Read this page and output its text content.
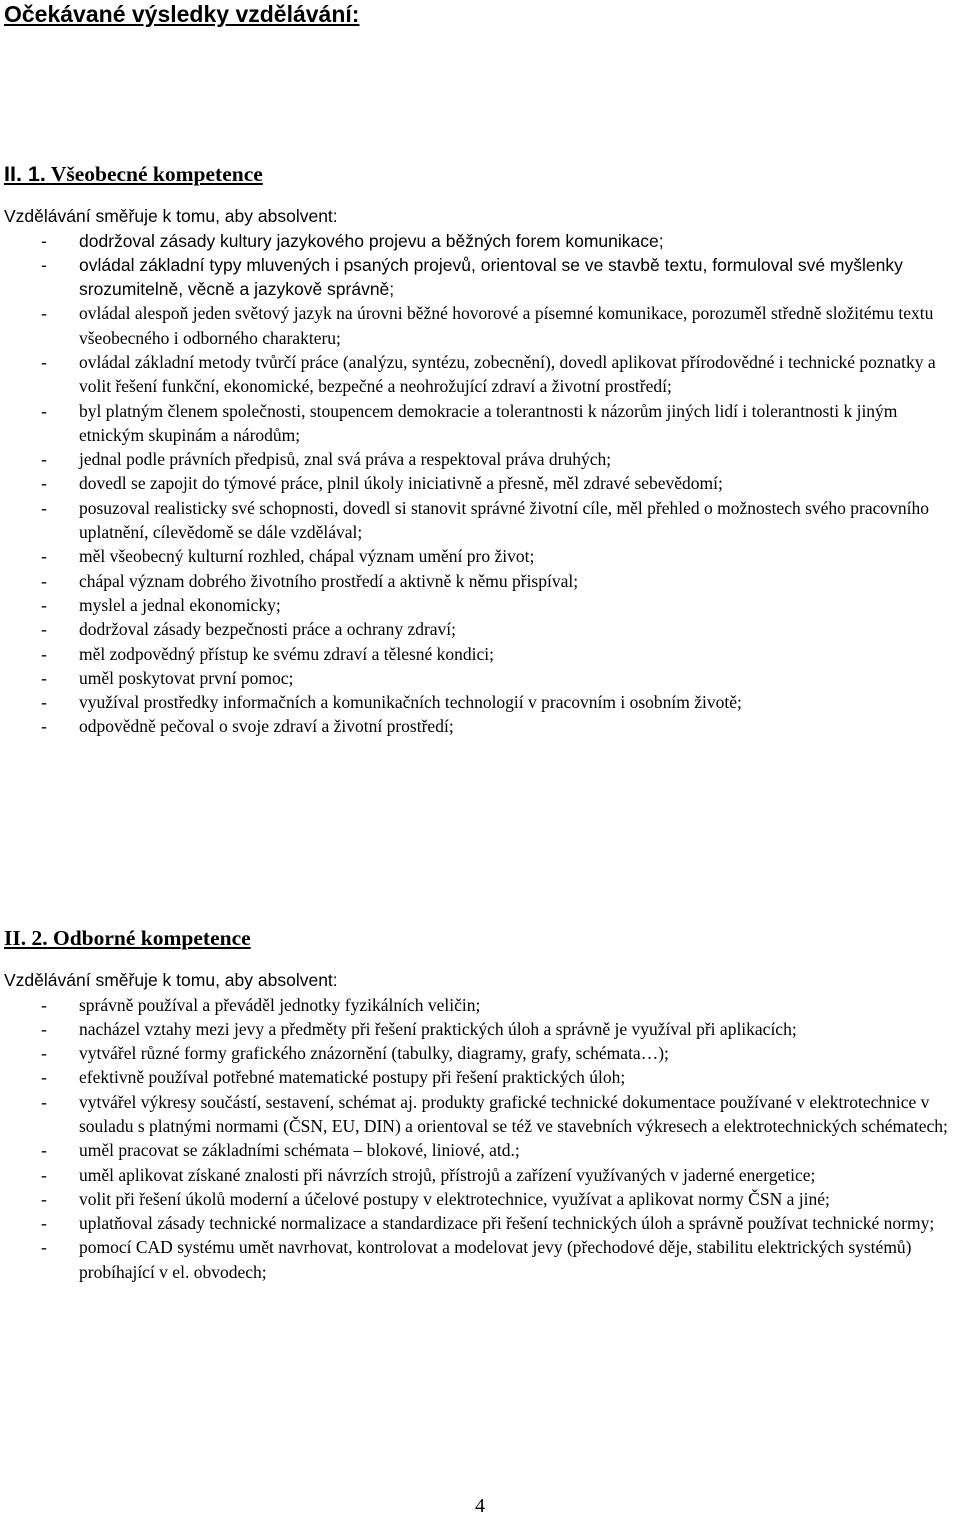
Očekávané výsledky vzdělávání:
II. 1. Všeobecné kompetence
Vzdělávání směřuje k tomu, aby absolvent:
- dodržoval zásady kultury jazykového projevu a běžných forem komunikace;
- ovládal základní typy mluvených i psaných projevů, orientoval se ve stavbě textu, formuloval své myšlenky srozumitelně, věcně a jazykově správně;
- ovládal alespoň jeden světový jazyk na úrovni běžné hovorové a písemné komunikace, porozuměl středně složitému textu všeobecného i odborného charakteru;
- ovládal základní metody tvůrčí práce (analýzu, syntézu, zobecnění), dovedl aplikovat přírodovědné i technické poznatky a volit řešení funkční, ekonomické, bezpečné a neohrožující zdraví a životní prostředí;
- byl platným členem společnosti, stoupencem demokracie a tolerantnosti k názorům jiných lidí i tolerantnosti k jiným etnickým skupinám a národům;
- jednal podle právních předpisů, znal svá práva a respektoval práva druhých;
- dovedl se zapojit do týmové práce, plnil úkoly iniciativně a přesně, měl zdravé sebevědomí;
- posuzoval realisticky své schopnosti, dovedl si stanovit správné životní cíle, měl přehled o možnostech svého pracovního uplatnění, cílevědomě se dále vzdělával;
- měl všeobecný kulturní rozhled, chápal význam umění pro život;
- chápal význam dobrého životního prostředí a aktivně k němu přispíval;
- myslel a jednal ekonomicky;
- dodržoval zásady bezpečnosti práce a ochrany zdraví;
- měl zodpovědný přístup ke svému zdraví a tělesné kondici;
- uměl poskytovat první pomoc;
- využíval prostředky informačních a komunikačních technologií v pracovním i osobním životě;
- odpovědně pečoval o svoje zdraví a životní prostředí;
II. 2. Odborné kompetence
Vzdělávání směřuje k tomu, aby absolvent:
- správně používal a převáděl jednotky fyzikálních veličin;
- nacházel vztahy mezi jevy a předměty při řešení praktických úloh a správně je využíval při aplikacích;
- vytvářel různé formy grafického znázornění (tabulky, diagramy, grafy, schémata…);
- efektivně používal potřebné matematické postupy při řešení praktických úloh;
- vytvářel výkresy součástí, sestavení, schémat aj. produkty grafické technické dokumentace používané v elektrotechnice v souladu s platnými normami (ČSN, EU, DIN) a orientoval se též ve stavebních výkresech a elektrotechnických schématech;
- uměl pracovat se základními schémata – blokové, liniové, atd.;
- uměl aplikovat získané znalosti při návrzích strojů, přístrojů a zařízení využívaných v jaderné energetice;
- volit při řešení úkolů moderní a účelové postupy v elektrotechnice, využívat a aplikovat normy ČSN a jiné;
- uplatňoval zásady technické normalizace a standardizace při řešení technických úloh a správně používat technické normy;
- pomocí CAD systému umět navrhovat, kontrolovat a modelovat jevy (přechodové děje, stabilitu elektrických systémů) probíhající v el. obvodech;
4
